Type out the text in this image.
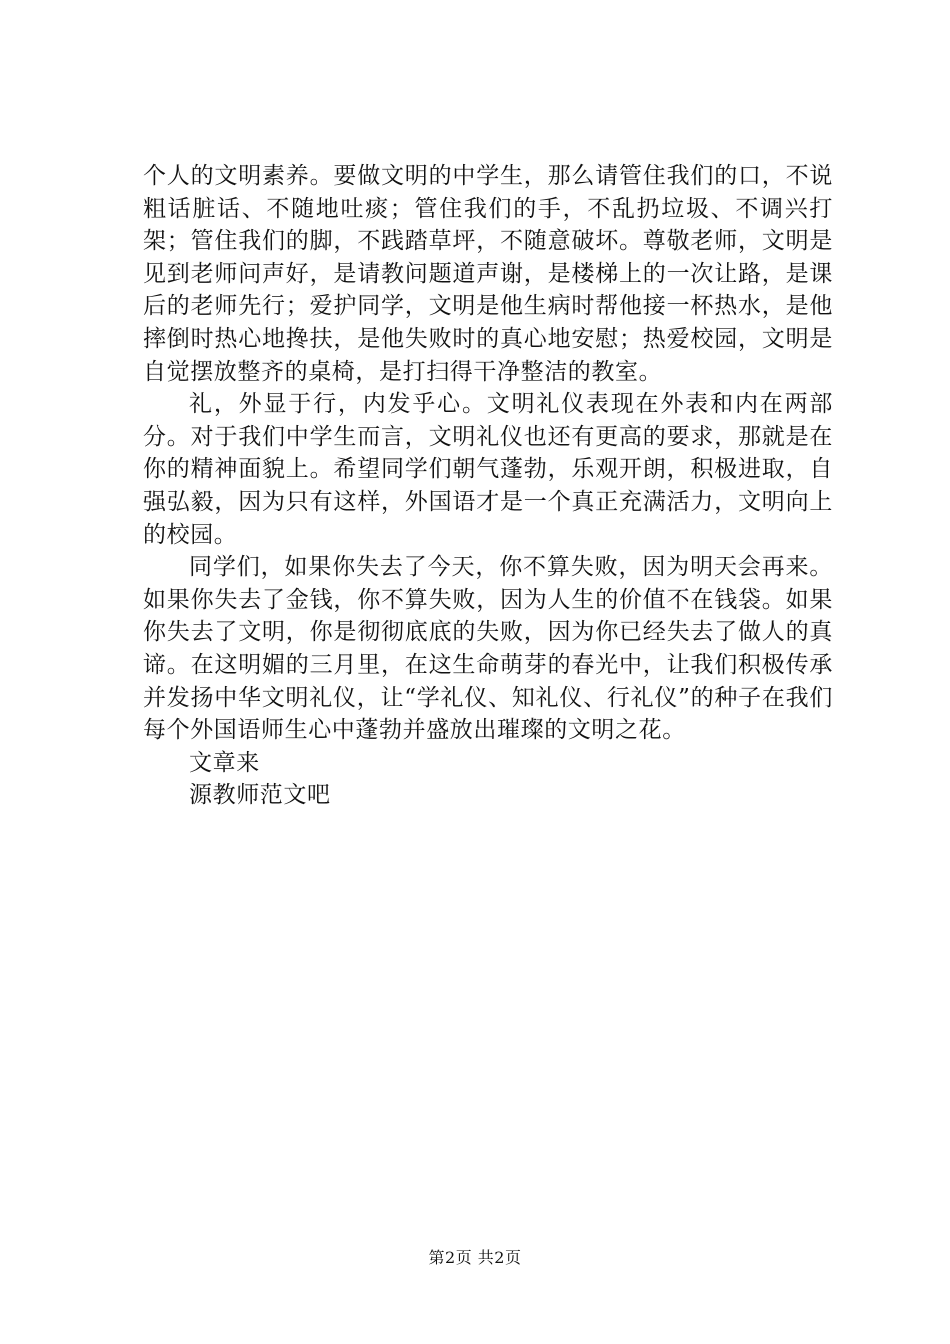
个人的文明素养。要做文明的中学生，那么请管住我们的口，不说粗话脏话、不随地吐痰；管住我们的手，不乱扔垃圾、不调兴打架；管住我们的脚，不践踏草坪，不随意破坏。尊敬老师，文明是见到老师问声好，是请教问题道声谢，是楼梯上的一次让路，是课后的老师先行；爱护同学，文明是他生病时帮他接一杯热水，是他摔倒时热心地搀扶，是他失败时的真心地安慰；热爱校园，文明是自觉摆放整齐的桌椅，是打扫得干净整洁的教室。

礼，外显于行，内发乎心。文明礼仪表现在外表和内在两部分。对于我们中学生而言，文明礼仪也还有更高的要求，那就是在你的精神面貌上。希望同学们朝气蓬勃，乐观开朗，积极进取，自强弘毅，因为只有这样，外国语才是一个真正充满活力，文明向上的校园。

同学们，如果你失去了今天，你不算失败，因为明天会再来。如果你失去了金钱，你不算失败，因为人生的价值不在钱袋。如果你失去了文明，你是彻彻底底的失败，因为你已经失去了做人的真谛。在这明媚的三月里，在这生命萌芽的春光中，让我们积极传承并发扬中华文明礼仪，让“学礼仪、知礼仪、行礼仪”的种子在我们每个外国语师生心中蓬勃并盛放出璀璨的文明之花。

文章来

源教师范文吧

第2页 共2页
